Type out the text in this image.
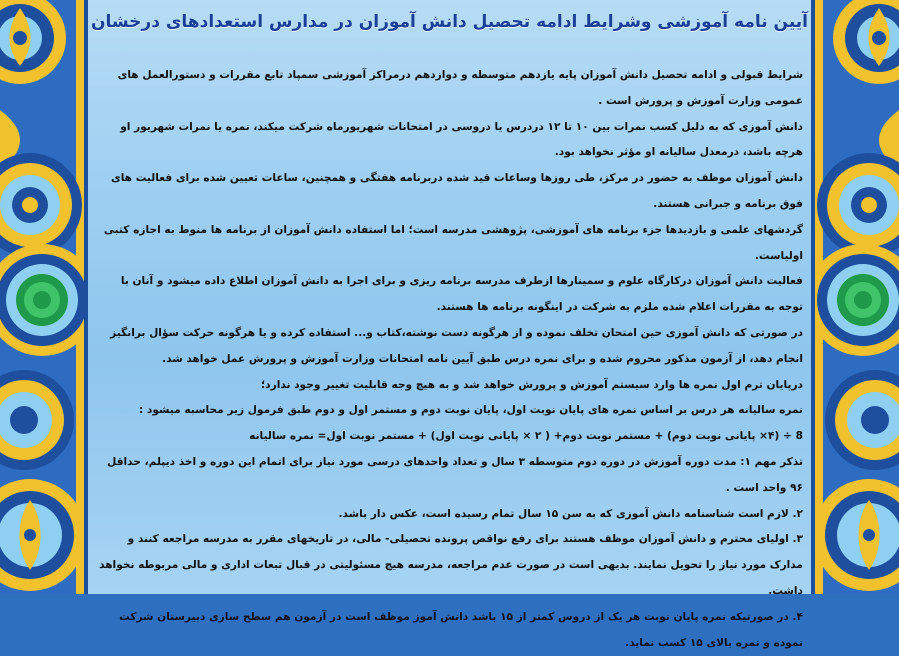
آیین نامه آموزشی وشرایط ادامه تحصیل دانش آموزان در مدارس استعدادهای درخشان

شرایط قبولی و ادامه تحصیل دانش آموزان پایه یازدهم متوسطه و دوازدهم درمراکز آموزشی سمپاد تابع مقررات و دستورالعمل های عمومی وزارت آموزش و پرورش است .

دانش آموزی که به دلیل کسب نمرات بین ۱۰ تا ۱۲ دردرس یا دروسی در امتحانات شهریورماه شرکت میکند، نمره یا نمرات شهریور او هرچه باشد، درمعدل سالیانه او مؤثر نخواهد بود.

دانش آموزان موظف به حضور در مرکز، طی روزها وساعات قید شده دربرنامه هفتگی و همچنین، ساعات تعیین شده برای فعالیت های فوق برنامه و جبرانی هستند.

گردشهای علمی و بازدیدها جزء برنامه های آموزشی، پژوهشی مدرسه است؛ اما استفاده دانش آموزان از برنامه ها منوط به اجازه کتبی اولیاست.

فعالیت دانش آموزان درکارگاه علوم و سمینارها ازطرف مدرسه برنامه ریزی و برای اجرا به دانش آموزان اطلاع داده میشود و آنان با توجه به مقررات اعلام شده ملزم به شرکت در اینگونه برنامه ها هستند.

در صورتی که دانش آموزی حین امتحان تخلف نموده و از هرگونه دست نوشته،کتاب و... استفاده کرده و یا هرگونه حرکت سؤال برانگیز انجام دهد، از آزمون مذکور محروم شده و برای نمره درس طبق آیین نامه امتحانات وزارت آموزش و پرورش عمل خواهد شد.

درپایان ترم اول نمره ها وارد سیستم آموزش و پرورش خواهد شد و به هیچ وجه قابلیت تغییر وجود ندارد؛

نمره سالیانه هر درس بر اساس نمره های پایان نوبت اول، پایان نوبت دوم و مستمر اول و دوم طبق فرمول زیر محاسبه میشود :

8 ÷ (۴× پایانی نوبت دوم) + مستمر نوبت دوم+ ( ۲ × پایانی نوبت اول) + مستمر نوبت اول= نمره سالیانه

تذکر مهم ۱: مدت دوره آموزش در دوره دوم متوسطه ۳ سال و تعداد واحدهای درسی مورد نیاز برای اتمام این دوره و اخذ دیپلم، حداقل ۹۶ واحد است .

۲. لازم است شناسنامه دانش آموزی که به سن ۱۵ سال تمام رسیده است، عکس دار باشد.

۳. اولیای محترم و دانش آموزان موظف هستند برای رفع نواقص پرونده تحصیلی- مالی، در تاریخهای مقرر به مدرسه مراجعه کنند و مدارک مورد نیاز را تحویل نمایند. بدیهی است در صورت عدم مراجعه، مدرسه هیچ مسئولیتی در قبال تبعات اداری و مالی مربوطه نخواهد داشت.

۴. در صورتیکه نمره پایان نوبت هر یک از دروس کمتر از ۱۵ باشد دانش آموز موظف است در آزمون هم سطح سازی دبیرستان شرکت نموده و نمره بالای ۱۵ کسب نماید.
